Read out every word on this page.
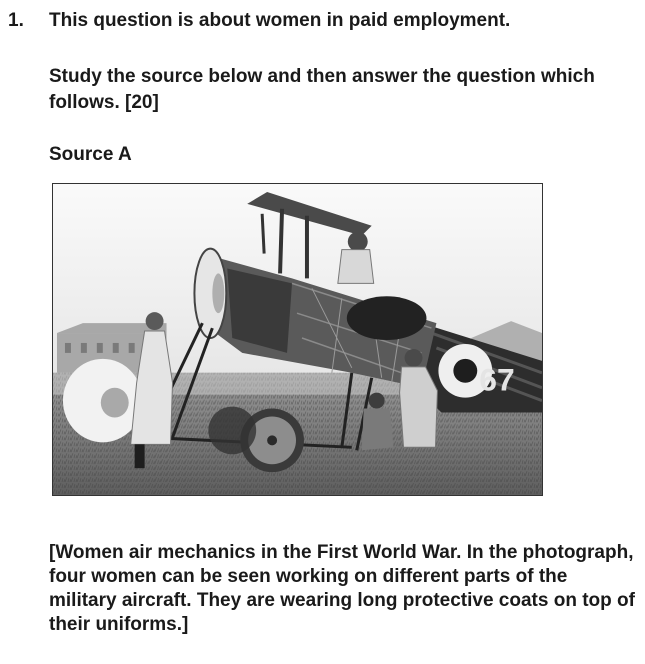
1. This question is about women in paid employment.
Study the source below and then answer the question which follows. [20]
Source A
67
[Women air mechanics in the First World War. In the photograph, four women can be seen working on different parts of the military aircraft. They are wearing long protective coats on top of their uniforms.]
